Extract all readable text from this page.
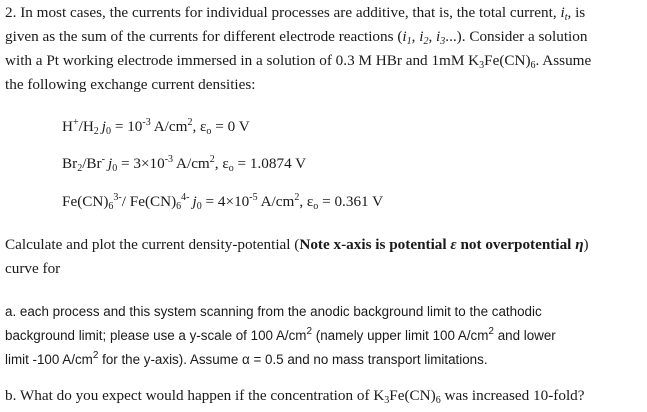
2. In most cases, the currents for individual processes are additive, that is, the total current, $i_t$, is
given as the sum of the currents for different electrode reactions ($i_1$, $i_2$, $i_3$...). Consider a solution
with a Pt working electrode immersed in a solution of 0.3 M HBr and 1mM $K_3Fe(CN)_6$. Assume
the following exchange current densities:
$H^+/H_2$ $j_0 = 10^{-3}$ $A/cm^2$, $\varepsilon_o = 0$ V
$Br_2/Br^-$ $j_0 = 3\times 10^{-3}$ $A/cm^2$, $\varepsilon_o = 1.0874$ V
$Fe(CN)_6^{3-}/$ $Fe(CN)_6^{4-}$ $j_0 = 4\times 10^{-5}$ $A/cm^2$, $\varepsilon_o = 0.361$ V
Calculate and plot the current density-potential (Note x-axis is potential ε not overpotential η)
curve for
a. each process and this system scanning from the anodic background limit to the cathodic
background limit; please use a y-scale of 100 $A/cm^2$ (namely upper limit 100 $A/cm^2$ and lower
limit -100 $A/cm^2$ for the y-axis). Assume α = 0.5 and no mass transport limitations.
b. What do you expect would happen if the concentration of $K_3Fe(CN)_6$ was increased 10-fold?
